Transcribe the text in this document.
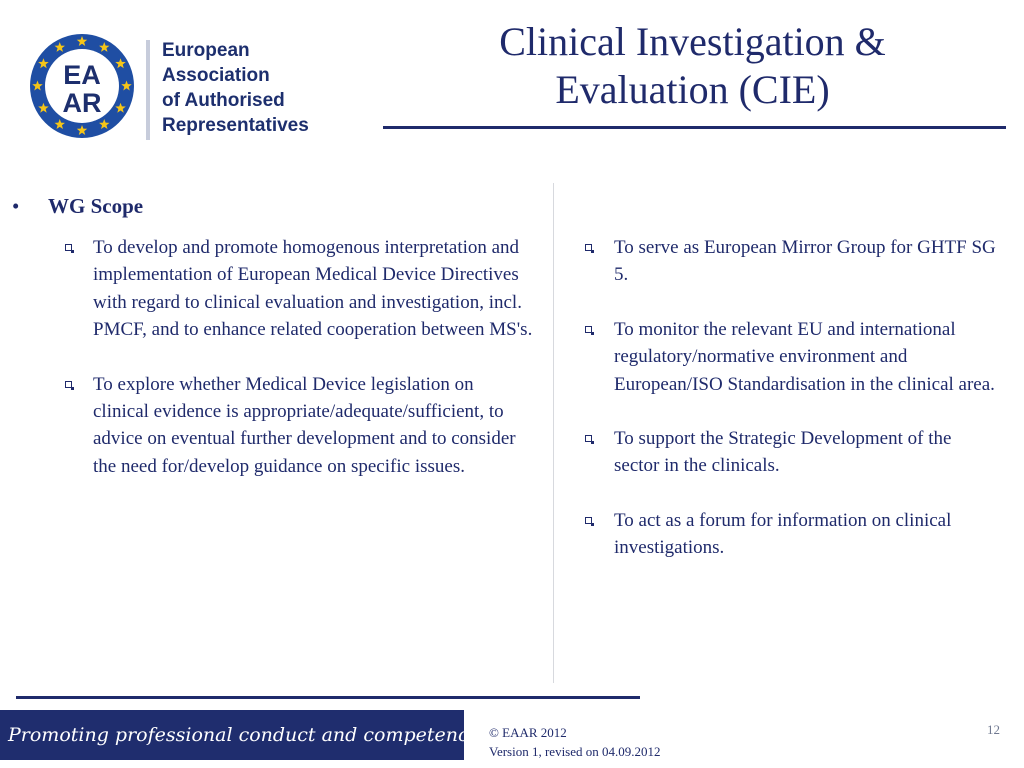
EA
AR
European
Association
of Authorised
Representatives
Clinical Investigation &
Evaluation (CIE)
• WG Scope
To develop and promote homogenous interpretation and implementation of European Medical Device Directives with regard to clinical evaluation and investigation, incl. PMCF, and to enhance related cooperation between MS's.
To explore whether Medical Device legislation on clinical evidence is appropriate/adequate/sufficient, to advice on eventual further development and to consider the need for/develop guidance on specific issues.
To serve as European Mirror Group for GHTF SG 5.
To monitor the relevant EU and international regulatory/normative environment and European/ISO Standardisation in the clinical area.
To support the Strategic Development of the sector in the clinicals.
To act as a forum for information on clinical investigations.
Promoting professional conduct and competence © EAAR 2012
Version 1, revised on 04.09.2012
12
